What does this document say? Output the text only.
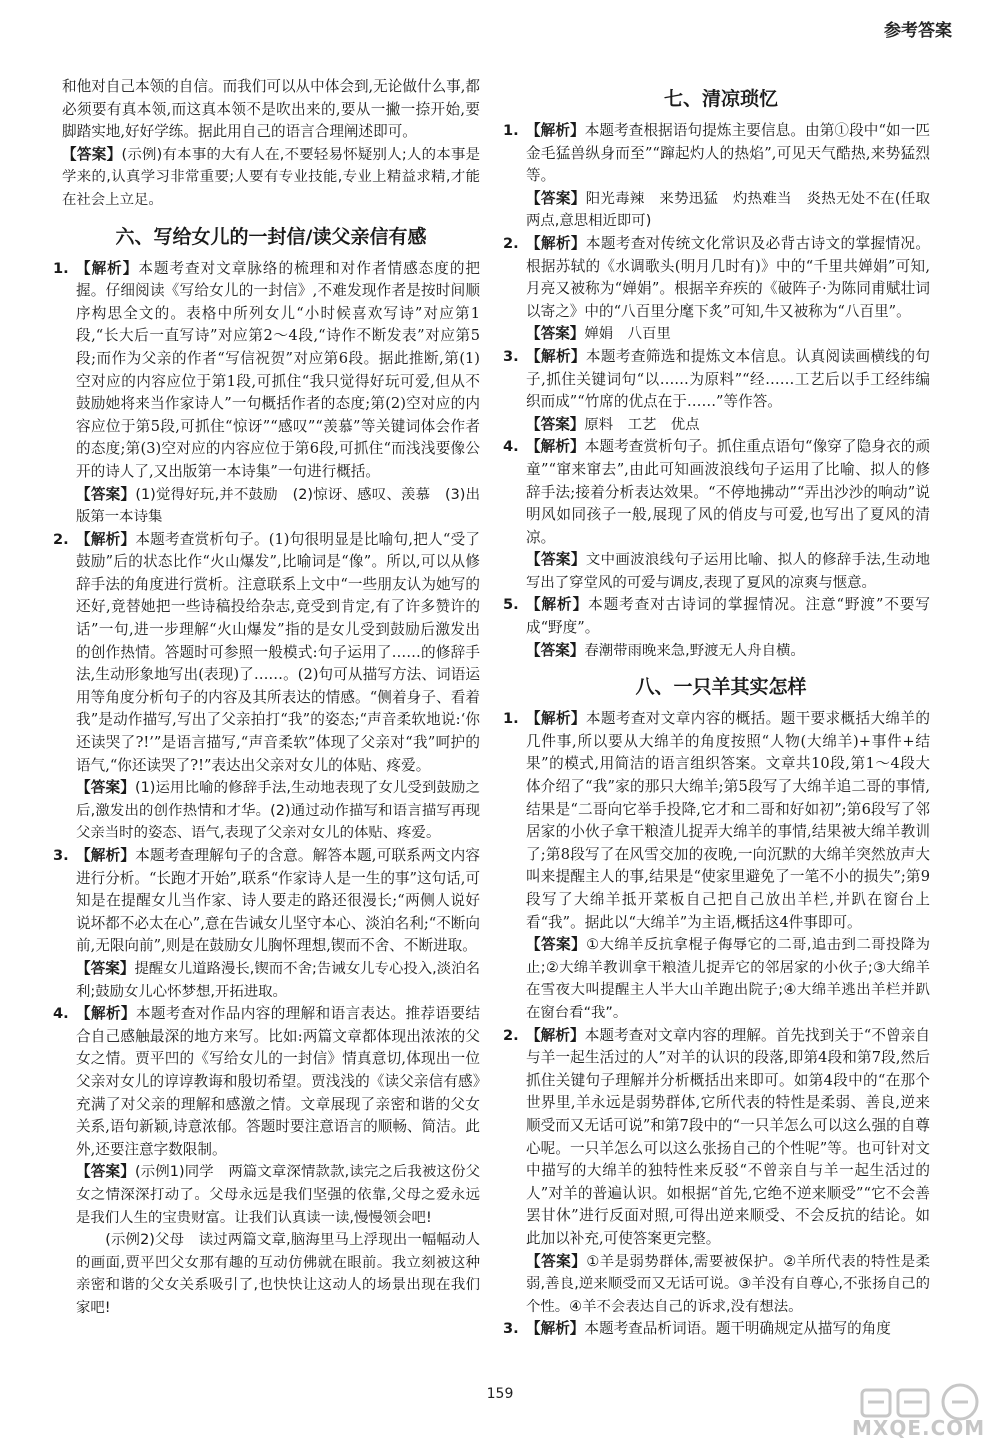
参考答案

和他对自己本领的自信。而我们可以从中体会到,无论做什么事,都必须要有真本领,而这真本领不是吹出来的,要从一撇一捺开始,要脚踏实地,好好学练。据此用自己的语言合理阐述即可。

【答案】(示例)有本事的大有人在,不要轻易怀疑别人;人的本事是学来的,认真学习非常重要;人要有专业技能,专业上精益求精,才能在社会上立足。

六、写给女儿的一封信/读父亲信有感
1. 【解析】本题考查对文章脉络的梳理和对作者情感态度的把握。仔细阅读《写给女儿的一封信》,不难发现作者是按时间顺序构思全文的。表格中所列女儿“小时候喜欢写诗”对应第1段,“长大后一直写诗”对应第2～4段,“诗作不断发表”对应第5段;而作为父亲的作者“写信祝贺”对应第6段。据此推断,第(1)空对应的内容应位于第1段,可抓住“我只觉得好玩可爱,但从不鼓励她将来当作家诗人”一句概括作者的态度;第(2)空对应的内容应位于第5段,可抓住“惊讶”“感叹”“羡慕”等关键词体会作者的态度;第(3)空对应的内容应位于第6段,可抓住“而浅浅要像公开的诗人了,又出版第一本诗集”一句进行概括。

【答案】(1)觉得好玩,并不鼓励　(2)惊讶、感叹、羡慕　(3)出版第一本诗集

2. 【解析】本题考查赏析句子。(1)句很明显是比喻句,把人“受了鼓励”后的状态比作“火山爆发”,比喻词是“像”。所以,可以从修辞手法的角度进行赏析。注意联系上文中“一些朋友认为她写的还好,竟替她把一些诗稿投给杂志,竟受到肯定,有了许多赞许的话”一句,进一步理解“火山爆发”指的是女儿受到鼓励后激发出的创作热情。答题时可参照一般模式:句子运用了……的修辞手法,生动形象地写出(表现)了……。(2)句可从描写方法、词语运用等角度分析句子的内容及其所表达的情感。“侧着身子、看着我”是动作描写,写出了父亲拍打“我”的姿态;“声音柔软地说:‘你还读哭了?!’”是语言描写,“声音柔软”体现了父亲对“我”呵护的语气,“你还读哭了?!”表达出父亲对女儿的体贴、疼爱。

【答案】(1)运用比喻的修辞手法,生动地表现了女儿受到鼓励之后,激发出的创作热情和才华。(2)通过动作描写和语言描写再现父亲当时的姿态、语气,表现了父亲对女儿的体贴、疼爱。

3. 【解析】本题考查理解句子的含意。解答本题,可联系两文内容进行分析。“长跑才开始”,联系“作家诗人是一生的事”这句话,可知是在提醒女儿当作家、诗人要走的路还很漫长;“两侧人说好说坏都不必太在心”,意在告诫女儿坚守本心、淡泊名利;“不断向前,无限向前”,则是在鼓励女儿胸怀理想,锲而不舍、不断进取。

【答案】提醒女儿道路漫长,锲而不舍;告诫女儿专心投入,淡泊名利;鼓励女儿心怀梦想,开拓进取。

4. 【解析】本题考查对作品内容的理解和语言表达。推荐语要结合自己感触最深的地方来写。比如:两篇文章都体现出浓浓的父女之情。贾平凹的《写给女儿的一封信》情真意切,体现出一位父亲对女儿的谆谆教诲和殷切希望。贾浅浅的《读父亲信有感》充满了对父亲的理解和感激之情。文章展现了亲密和谐的父女关系,语句新颖,诗意浓郁。答题时要注意语言的顺畅、简洁。此外,还要注意字数限制。

【答案】(示例1)同学　两篇文章深情款款,读完之后我被这份父女之情深深打动了。父母永远是我们坚强的依靠,父母之爱永远是我们人生的宝贵财富。让我们认真读一读,慢慢领会吧!

(示例2)父母　读过两篇文章,脑海里马上浮现出一幅幅动人的画面,贾平凹父女那有趣的互动仿佛就在眼前。我立刻被这种亲密和谐的父女关系吸引了,也快快让这动人的场景出现在我们家吧!

七、清凉琐忆
1. 【解析】本题考查根据语句提炼主要信息。由第①段中“如一匹金毛猛兽纵身而至”“蹿起灼人的热焰”,可见天气酷热,来势猛烈等。

【答案】阳光毒辣　来势迅猛　灼热难当　炎热无处不在(任取两点,意思相近即可)

2. 【解析】本题考查对传统文化常识及必背古诗文的掌握情况。根据苏轼的《水调歌头(明月几时有)》中的“千里共婵娟”可知,月亮又被称为“婵娟”。根据辛弃疾的《破阵子·为陈同甫赋壮词以寄之》中的“八百里分麾下炙”可知,牛又被称为“八百里”。

【答案】婵娟　八百里

3. 【解析】本题考查筛选和提炼文本信息。认真阅读画横线的句子,抓住关键词句“以……为原料”“经……工艺后以手工经纬编织而成”“竹席的优点在于……”等作答。

【答案】原料　工艺　优点

4. 【解析】本题考查赏析句子。抓住重点语句“像穿了隐身衣的顽童”“窜来窜去”,由此可知画波浪线句子运用了比喻、拟人的修辞手法;接着分析表达效果。“不停地拂动”“弄出沙沙的响动”说明风如同孩子一般,展现了风的俏皮与可爱,也写出了夏风的清凉。

【答案】文中画波浪线句子运用比喻、拟人的修辞手法,生动地写出了穿堂风的可爱与调皮,表现了夏风的凉爽与惬意。

5. 【解析】本题考查对古诗词的掌握情况。注意“野渡”不要写成“野度”。

【答案】春潮带雨晚来急,野渡无人舟自横。

八、一只羊其实怎样
1. 【解析】本题考查对文章内容的概括。题干要求概括大绵羊的几件事,所以要从大绵羊的角度按照“人物(大绵羊)+事件+结果”的模式,用简洁的语言组织答案。文章共10段,第1～4段大体介绍了“我”家的那只大绵羊;第5段写了大绵羊追二哥的事情,结果是“二哥向它举手投降,它才和二哥和好如初”;第6段写了邻居家的小伙子拿干粮渣儿捉弄大绵羊的事情,结果被大绵羊教训了;第8段写了在风雪交加的夜晚,一向沉默的大绵羊突然放声大叫来提醒主人的事,结果是“使家里避免了一笔不小的损失”;第9段写了大绵羊抵开菜板自己把自己放出羊栏,并趴在窗台上看“我”。据此以“大绵羊”为主语,概括这4件事即可。

【答案】①大绵羊反抗拿棍子侮辱它的二哥,追击到二哥投降为止;②大绵羊教训拿干粮渣儿捉弄它的邻居家的小伙子;③大绵羊在雪夜大叫提醒主人半大山羊跑出院子;④大绵羊逃出羊栏并趴在窗台看“我”。

2. 【解析】本题考查对文章内容的理解。首先找到关于“不曾亲自与羊一起生活过的人”对羊的认识的段落,即第4段和第7段,然后抓住关键句子理解并分析概括出来即可。如第4段中的“在那个世界里,羊永远是弱势群体,它所代表的特性是柔弱、善良,逆来顺受而又无话可说”和第7段中的“一只羊怎么可以这么强的自尊心呢。一只羊怎么可以这么张扬自己的个性呢”等。也可针对文中描写的大绵羊的独特性来反驳“不曾亲自与羊一起生活过的人”对羊的普遍认识。如根据“首先,它绝不逆来顺受”“它不会善罢甘休”进行反面对照,可得出逆来顺受、不会反抗的结论。如此加以补充,可使答案更完整。

【答案】①羊是弱势群体,需要被保护。②羊所代表的特性是柔弱,善良,逆来顺受而又无话可说。③羊没有自尊心,不张扬自己的个性。④羊不会表达自己的诉求,没有想法。

3. 【解析】本题考查品析词语。题干明确规定从描写的角度

159
MXQE.COM
